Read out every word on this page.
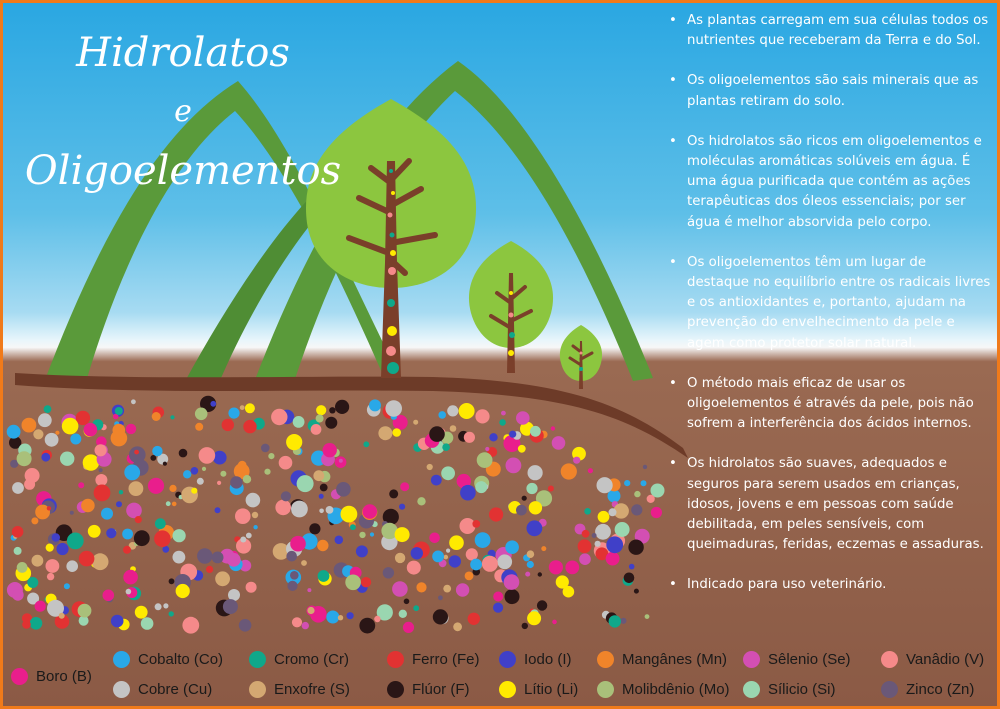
Hidrolatos
e
Oligoelementos
• As plantas carregam em sua células todos os nutrientes que receberam da Terra e do Sol.
• Os oligoelementos são sais minerais que as plantas retiram do solo.
• Os hidrolatos são ricos em oligoelementos e moléculas aromáticas solúveis em água. É uma água purificada que contém as ações terapêuticas dos óleos essenciais; por ser água é melhor absorvida pelo corpo.
• Os oligoelementos têm um lugar de destaque no equilíbrio entre os radicais livres e os antioxidantes e, portanto, ajudam na prevenção do envelhecimento da pele e agem como protetor solar natural.
• O método mais eficaz de usar os oligoelementos é através da pele, pois não sofrem a interferência dos ácidos internos.
• Os hidrolatos são suaves, adequados e seguros para serem usados em crianças, idosos, jovens e em pessoas com saúde debilitada, em peles sensíveis, com queimaduras, feridas, eczemas e assaduras.
• Indicado para uso veterinário.
Boro (B)
Cobalto (Co)
Cobre (Cu)
Cromo (Cr)
Enxofre (S)
Ferro (Fe)
Flúor (F)
Iodo (I)
Lítio (Li)
Mangânes (Mn)
Molibdênio (Mo)
Sêlenio (Se)
Sílicio (Si)
Vanâdio (V)
Zinco (Zn)
